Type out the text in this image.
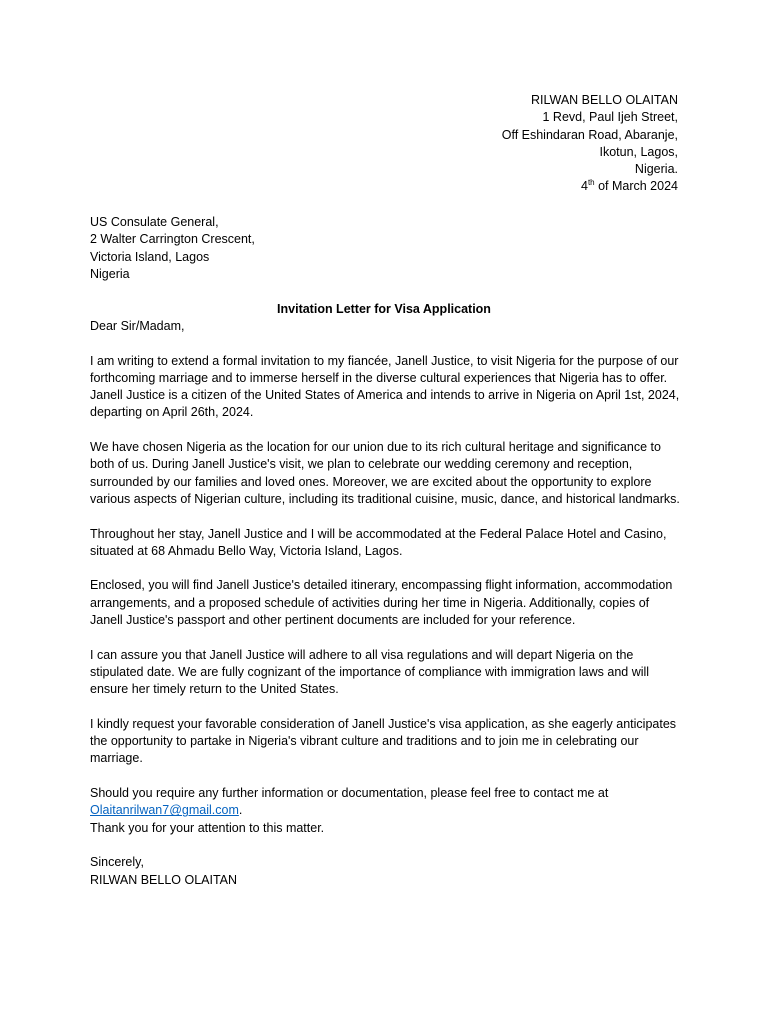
RILWAN BELLO OLAITAN
1 Revd, Paul Ijeh Street,
Off Eshindaran Road, Abaranje,
Ikotun, Lagos,
Nigeria.
4th of March 2024
US Consulate General,
2 Walter Carrington Crescent,
Victoria Island, Lagos
Nigeria
Invitation Letter for Visa Application
Dear Sir/Madam,

I am writing to extend a formal invitation to my fiancée, Janell Justice, to visit Nigeria for the purpose of our forthcoming marriage and to immerse herself in the diverse cultural experiences that Nigeria has to offer. Janell Justice is a citizen of the United States of America and intends to arrive in Nigeria on April 1st, 2024, departing on April 26th, 2024.

We have chosen Nigeria as the location for our union due to its rich cultural heritage and significance to both of us. During Janell Justice's visit, we plan to celebrate our wedding ceremony and reception, surrounded by our families and loved ones. Moreover, we are excited about the opportunity to explore various aspects of Nigerian culture, including its traditional cuisine, music, dance, and historical landmarks.

Throughout her stay, Janell Justice and I will be accommodated at the Federal Palace Hotel and Casino, situated at 68 Ahmadu Bello Way, Victoria Island, Lagos.

Enclosed, you will find Janell Justice's detailed itinerary, encompassing flight information, accommodation arrangements, and a proposed schedule of activities during her time in Nigeria. Additionally, copies of Janell Justice's passport and other pertinent documents are included for your reference.

I can assure you that Janell Justice will adhere to all visa regulations and will depart Nigeria on the stipulated date. We are fully cognizant of the importance of compliance with immigration laws and will ensure her timely return to the United States.

I kindly request your favorable consideration of Janell Justice's visa application, as she eagerly anticipates the opportunity to partake in Nigeria's vibrant culture and traditions and to join me in celebrating our marriage.

Should you require any further information or documentation, please feel free to contact me at
Olaitanrilwan7@gmail.com.
Thank you for your attention to this matter.

Sincerely,
RILWAN BELLO OLAITAN
